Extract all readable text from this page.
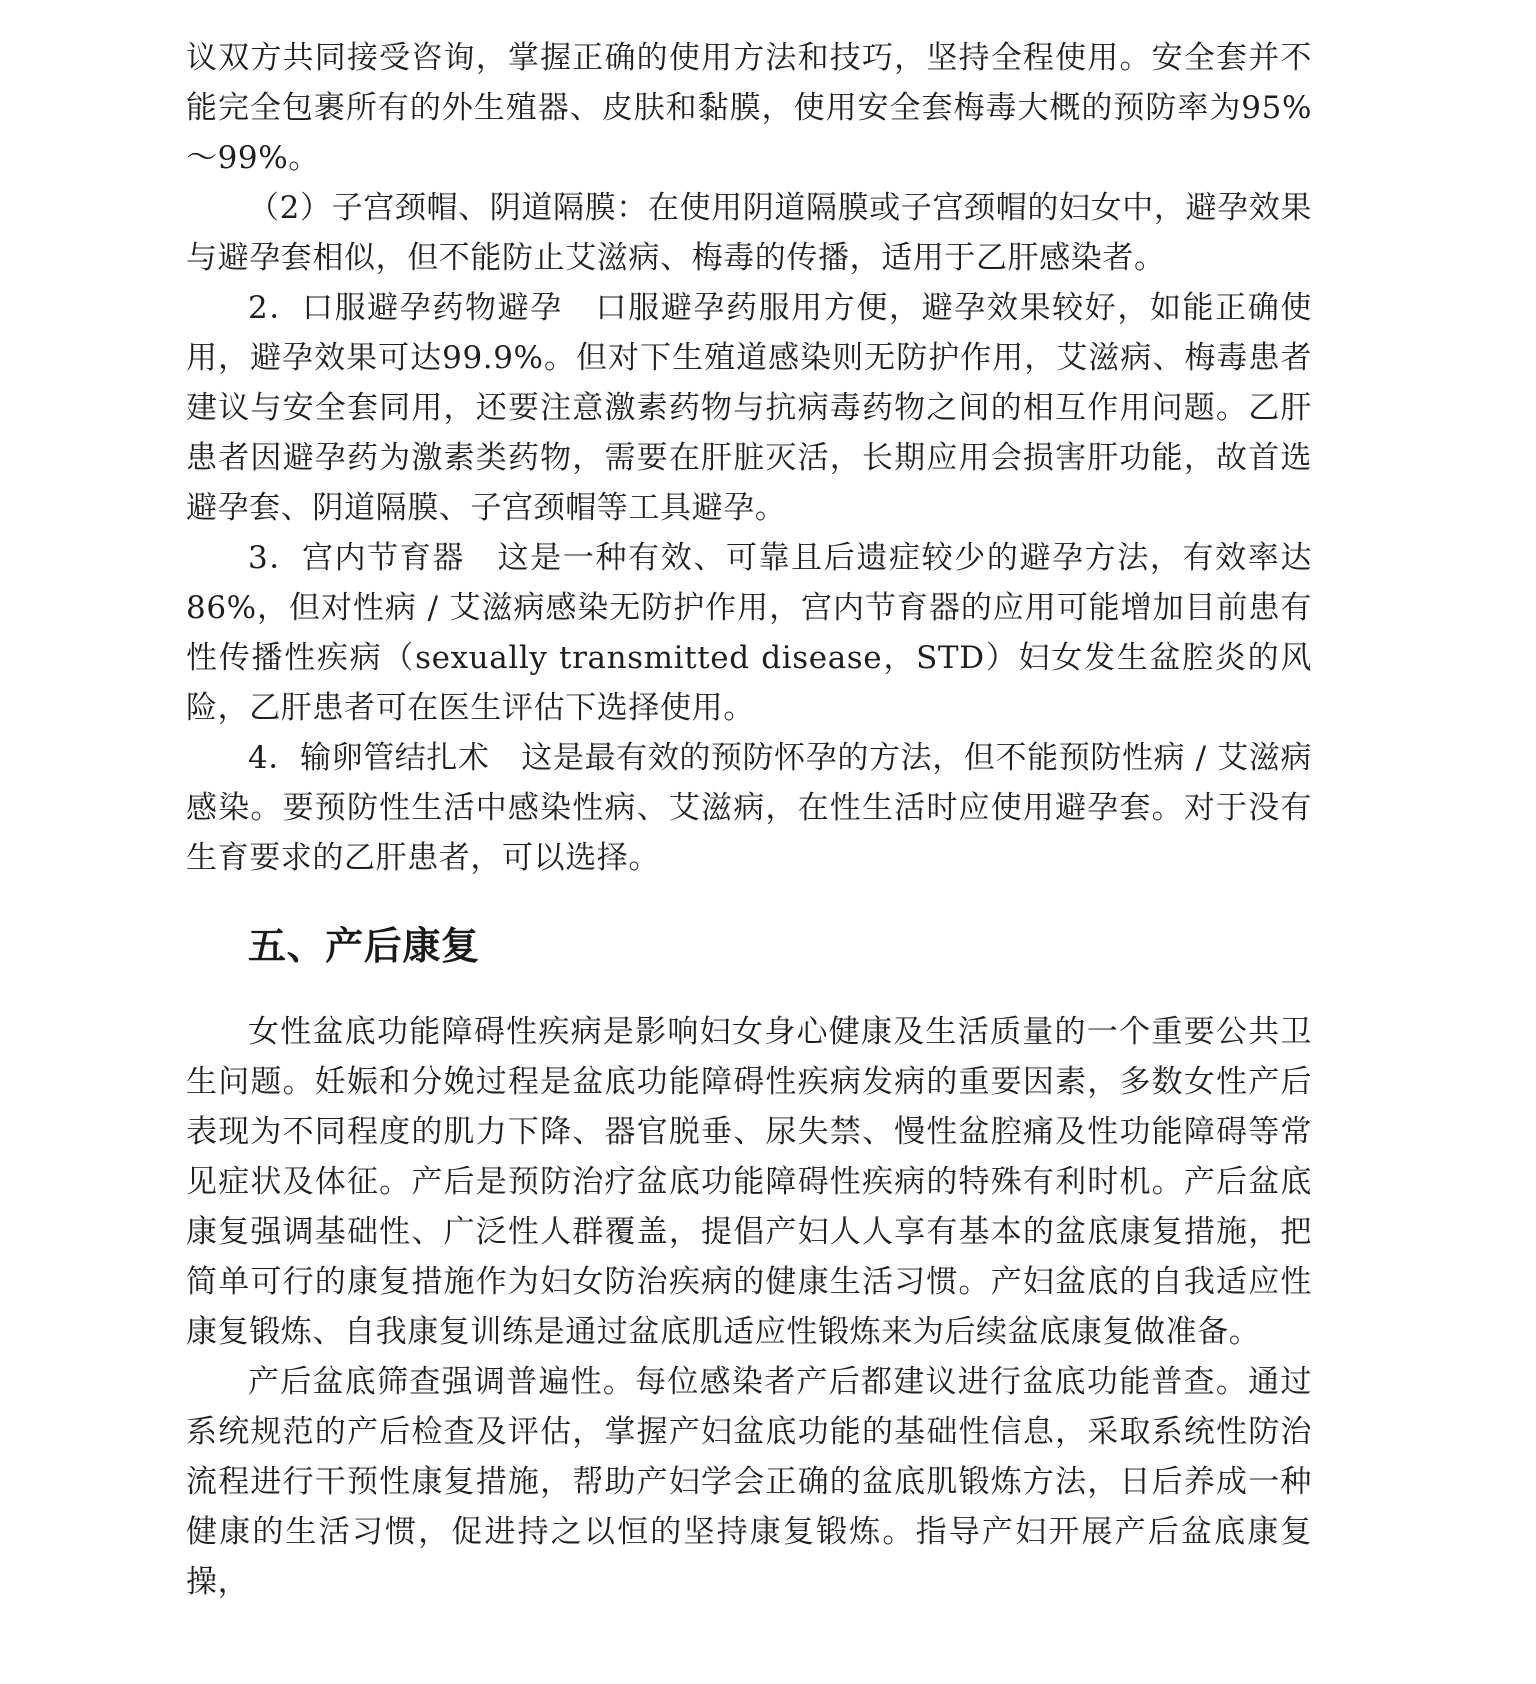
议双方共同接受咨询，掌握正确的使用方法和技巧，坚持全程使用。安全套并不能完全包裹所有的外生殖器、皮肤和黏膜，使用安全套梅毒大概的预防率为95%～99%。

（2）子宫颈帽、阴道隔膜：在使用阴道隔膜或子宫颈帽的妇女中，避孕效果与避孕套相似，但不能防止艾滋病、梅毒的传播，适用于乙肝感染者。

2．口服避孕药物避孕　 口服避孕药服用方便，避孕效果较好，如能正确使用，避孕效果可达99.9%。但对下生殖道感染则无防护作用，艾滋病、梅毒患者建议与安全套同用，还要注意激素药物与抗病毒药物之间的相互作用问题。乙肝患者因避孕药为激素类药物，需要在肝脏灭活，长期应用会损害肝功能，故首选避孕套、阴道隔膜、子宫颈帽等工具避孕。

3．宫内节育器　 这是一种有效、可靠且后遗症较少的避孕方法，有效率达86%，但对性病 / 艾滋病感染无防护作用，宫内节育器的应用可能增加目前患有性传播性疾病（sexually transmitted disease，STD）妇女发生盆腔炎的风险，乙肝患者可在医生评估下选择使用。

4．输卵管结扎术　 这是最有效的预防怀孕的方法，但不能预防性病 / 艾滋病感染。要预防性生活中感染性病、艾滋病，在性生活时应使用避孕套。对于没有生育要求的乙肝患者，可以选择。

五、产后康复

女性盆底功能障碍性疾病是影响妇女身心健康及生活质量的一个重要公共卫生问题。妊娠和分娩过程是盆底功能障碍性疾病发病的重要因素，多数女性产后表现为不同程度的肌力下降、器官脱垂、尿失禁、慢性盆腔痛及性功能障碍等常见症状及体征。产后是预防治疗盆底功能障碍性疾病的特殊有利时机。产后盆底康复强调基础性、广泛性人群覆盖，提倡产妇人人享有基本的盆底康复措施，把简单可行的康复措施作为妇女防治疾病的健康生活习惯。产妇盆底的自我适应性康复锻炼、自我康复训练是通过盆底肌适应性锻炼来为后续盆底康复做准备。

产后盆底筛查强调普遍性。每位感染者产后都建议进行盆底功能普查。通过系统规范的产后检查及评估，掌握产妇盆底功能的基础性信息，采取系统性防治流程进行干预性康复措施，帮助产妇学会正确的盆底肌锻炼方法，日后养成一种健康的生活习惯，促进持之以恒的坚持康复锻炼。指导产妇开展产后盆底康复操，
